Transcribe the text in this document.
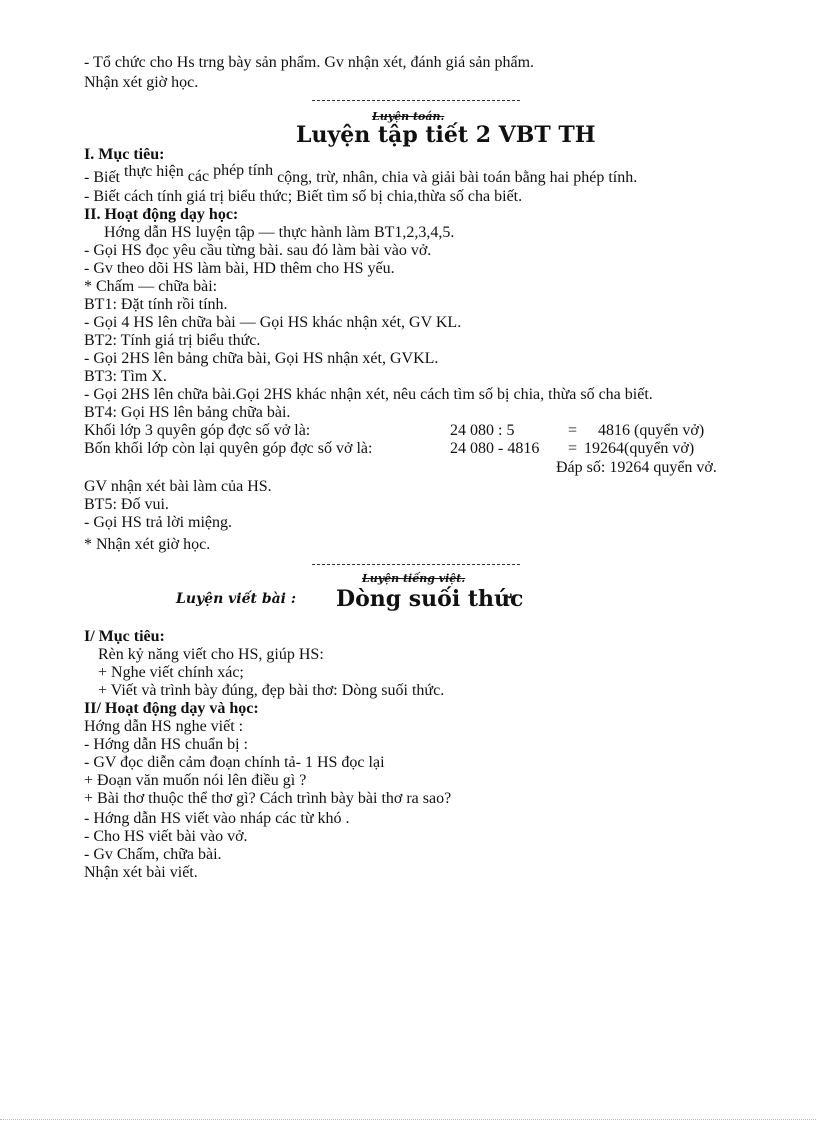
- Tổ chức cho Hs trng bày sản phẩm. Gv nhận xét, đánh giá sản phẩm.
Nhận xét giờ học.
Luyện toán.
Luyện tập tiết 2 VBT TH
I. Mục tiêu:
- Biết thực hiện các phép tính cộng, trừ, nhân, chia và giải bài toán bằng hai phép tính.
- Biết cách tính giá trị biểu thức; Biết tìm số bị chia,thừa số cha biết.
II. Hoạt động dạy học:
Hớng dẫn HS luyện tập — thực hành làm BT1,2,3,4,5.
- Gọi HS đọc yêu cầu từng bài. sau đó làm bài vào vở.
- Gv theo dõi HS làm bài, HD thêm cho HS yếu.
* Chấm — chữa bài:
BT1: Đặt tính rồi tính.
- Gọi 4 HS lên chữa bài — Gọi HS khác nhận xét, GV KL.
BT2: Tính giá trị biểu thức.
- Gọi 2HS lên bảng chữa bài, Gọi HS nhận xét, GVKL.
BT3: Tìm X.
- Gọi 2HS lên chữa bài.Gọi 2HS khác nhận xét, nêu cách tìm số bị chia, thừa số cha biết.
BT4: Gọi HS lên bảng chữa bài.
Khối lớp 3 quyên góp đợc số vở là:	24 080 : 5	= 4816 (quyển vở)
Bốn khối lớp còn lại quyên góp đợc số vở là:	24 080 - 4816 = 19264(quyển vở)
Đáp số: 19264 quyển vở.
GV nhận xét bài làm của HS.
BT5: Đố vui.
- Gọi HS trả lời miệng.
* Nhận xét giờ học.
Luyện tiếng việt.
Luyện viết bài : Dòng suối thức
I/ Mục tiêu:
Rèn kỷ năng viết cho HS, giúp HS:
+ Nghe viết chính xác;
+ Viết và trình bày đúng, đẹp bài thơ: Dòng suối thức.
II/ Hoạt động dạy và học:
Hớng dẫn HS nghe viết :
- Hớng dẫn HS chuẩn bị :
- GV đọc diễn cảm đoạn chính tả- 1 HS đọc lại
+ Đoạn văn muốn nói lên điều gì ?
+ Bài thơ thuộc thể thơ gì? Cách trình bày bài thơ ra sao?
- Hớng dẫn HS viết vào nháp các từ khó .
- Cho HS viết bài vào vở.
- Gv Chấm, chữa bài.
Nhận xét bài viết.
